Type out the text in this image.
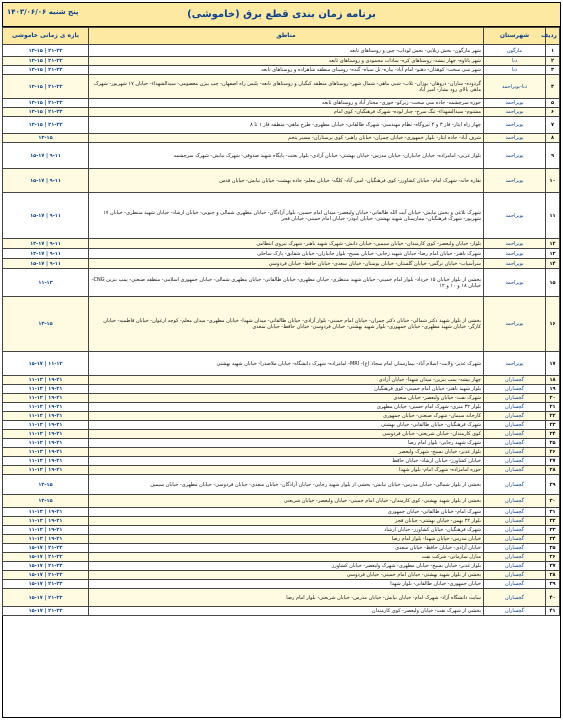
برنامه زمان بندی قطع برق (خاموشی)
پنج شنبه ۱۴۰۳/۰۶/۰۶
ردیف	شهرستان	مناطق	بازه ی زمانی خاموشی
۱	مارگون	شهر مارگون- بخش زیلایی- بخش لوداب- چین و روستاهای تابعه	۱۳-۱۵ | ۲۱-۲۳
۲	دنا	شهر پاتاوه- چهار بیشه- روستاهای کره- سادات محمودی و روستاهای تابعه	۱۳-۱۵ | ۲۱-۲۳
۳	دنا	شهر سی سخت- کوهدان- دهنو- امام آباد- بیاره- تل سیاه- گنده- روستای منطقه شاهزاده و روستاهای تابعه	۱۳-۱۵ | ۲۱-۲۳
۴	دنا-بویراحمد	گردوده- ساران- دروهان- بوژان- تلاب- شبی ماهی- شمال شهر- روستاهای منطقه کبگیان و روستاهای تابعه- پلیس راه اصفهان- چپ بیژن معصومی- سیدالشهداء- خیابان ۱۷ شهریور- شهرک ماهی بالای رود بشار- امیر آباد	۱۳-۱۵ | ۲۱-۲۳
۵	بویراحمد	حوزه سرچشمه- جاده سی سخت- زیرکو- خوزی- مختار آباد و روستاهای تابعه	۱۳-۱۵ | ۲۱-۲۳
۶	بویراحمد	مشتوم- سیدالشهداء- تنگ سرخ- چنار لوده- شهرک فرهنگیان- کوی امام	۱۳-۱۵ | ۲۱-۲۳
۷	بویراحمد	چهار راه ایثار- فاز ۳ و ۴ نیروگاه- نظام مهندسی- شهرک طالقانی- خیابان مطهری- طرح ماهی- منطقه فاز ۱ تا ۸	۱۳-۱۵ | ۲۱-۲۳
۸	بویراحمد	شرف آباد- جاده ایثار- بلوار جمهوری- خیابان چمران- خیابان راهبر- کوی پرستاران- مسیر پنجم	۱۳-۱۵
۹	بویراحمد	بلوار غربی- امامزاده- خیابان جانبازان- خیابان مدرس- خیابان بهشتی- خیابان آزادی- بلوار بعثت- پایگاه شهید صدوقی- شهرک نیایش- شهرک سرچشمه	۱۵-۱۷ | ۹-۱۱
۱۰	بویراحمد	نقاره خانه- شهرک امام- خیابان کشاورز- کوی فرهنگیان- امین آباد- کلگه- خیابان معلم- جاده بهشت- خیابان نیایش- خیابان قدس	۱۵-۱۷ | ۹-۱۱
۱۱	بویراحمد	شهرک بلاغی و بخش نیایش- خیابان آیت الله طالقانی- خیابان ولیعصر- میدان امام حسین- بلوار آزادگان- خیابان مطهری شمالی و جنوبی- خیابان ارشاد- خیابان شهید منتظری- خیابان ۱۷ شهریور- شهرک فرهنگیان- بیمارستان شهید بهشتی- خیابان ابوذر- خیابان امام خمینی- خیابان فجر	۱۵-۱۷ | ۹-۱۱
۱۲	بویراحمد	بلوار- خیابان ولیعصر- کوی کارمندان- خیابان سیمین- خیابان دانش- شهرک شهید باهنر- شهرک نیروی انتظامی	۱۳-۱۷ | ۹-۱۱
۱۳	بویراحمد	شهرک باهنر- خیابان امام رضا- خیابان شهید رجایی- خیابان بسیج- بلوار جانبازان- خیابان شقایق- پارک ساحلی	۱۳-۱۷ | ۹-۱۱
۱۴	بویراحمد	سرآسیاب- خیابان نرگس- خیابان گلستان- خیابان بوستان- خیابان سعدی- خیابان حافظ- خیابان فردوسی	۱۵-۱۷ | ۹-۱۱
۱۵	بویراحمد	بخشی از بلوار خیابان ۱۵ خرداد- بلوار امام خمینی- خیابان شهید منتظری- خیابان مطهری- خیابان طالقانی- خیابان مطهری شمالی- خیابان جمهوری اسلامی- منطقه صنعتی- پمپ بنزین CNG- خیابان ۱۸ و ۱۰ و ۱۲	۱۱-۱۳
۱۶	بویراحمد	بخشی از بلوار شهید دکتر شمالی- خیابان دکتر چمران- خیابان امام خمینی- بلوار آزادی- خیابان طالقانی- میدان شهدا- خیابان مطهری- میدان معلم- کوچه ارغوان- خیابان فاطمیه- خیابان کارگر- خیابان شهید مطهری- خیابان جمهوری- بلوار شهید بهشتی- خیابان فردوسی- خیابان حافظ- خیابان سعدی	۱۳-۱۵
۱۷	بویراحمد	شهرک غدیر- ولایت- اسلام آباد- بیمارستان امام سجاد (ع)- MRI- امامزاده- شهرک دانشگاه- خیابان ملاصدرا- خیابان شهید بهشتی	۱۵-۱۷ | ۱۱-۱۳
۱۸	گچساران	چهار بیشه- پمپ بنزین- میدان شهدا- خیابان آزادی	۱۱-۱۳ | ۱۹-۲۱
۱۹	گچساران	بلوار شهید باهنر- خیابان امام خمینی- کوی فرهنگیان	۱۱-۱۳ | ۱۹-۲۱
۲۰	گچساران	شهرک نفت- خیابان ولیعصر- خیابان سعدی	۱۱-۱۳ | ۱۹-۲۱
۲۱	گچساران	بلوار ۳۲ متری- شهرک امام حسین- خیابان مطهری	۱۱-۱۳ | ۱۹-۲۱
۲۲	گچساران	کارخانه سیمان- شهرک صنعتی- خیابان جمهوری	۱۱-۱۳ | ۱۹-۲۱
۲۳	گچساران	شهرک فرهنگیان- خیابان طالقانی- خیابان بهشتی	۱۱-۱۳ | ۱۹-۲۱
۲۴	گچساران	کوی کارمندان- خیابان شریعتی- خیابان فردوسی	۱۱-۱۳ | ۱۹-۲۱
۲۵	گچساران	شهرک شهید رجایی- بلوار امام رضا	۱۱-۱۳ | ۱۹-۲۱
۲۶	گچساران	بلوار غدیر- خیابان بسیج- شهرک ولیعصر	۱۱-۱۳ | ۱۹-۲۱
۲۷	گچساران	خیابان کشاورز- خیابان ارشاد- خیابان حافظ	۱۱-۱۳ | ۱۹-۲۱
۲۸	گچساران	حوزه امامزاده- شهرک امام- بلوار شهدا	۱۱-۱۳ | ۱۹-۲۱
۲۹	گچساران	بخشی از بلوار شمالی- خیابان مدرس- خیابان نیایش- بخشی از بلوار شهید رجایی- خیابان آزادگان- خیابان سعدی- خیابان فردوسی- خیابان مطهری- خیابان سیمین	۱۳-۱۵
۳۰	گچساران	بخشی از بلوار شهید بهشتی- کوی کارمندان- خیابان امام خمینی- خیابان ولیعصر- خیابان شریعتی	۱۳-۱۵
۳۱	گچساران	شهرک امام- خیابان طالقانی- خیابان جمهوری	۱۱-۱۳ | ۱۹-۲۱
۳۲	گچساران	بلوار ۲۲ بهمن- خیابان بهشتی- خیابان فجر	۱۱-۱۳ | ۱۹-۲۱
۳۳	گچساران	شهرک فرهنگیان- خیابان کشاورز- خیابان ارشاد	۱۱-۱۳ | ۱۹-۲۱
۳۴	گچساران	خیابان مدرس- خیابان شهدا- بلوار امام رضا	۱۱-۱۳ | ۱۹-۲۱
۳۵	گچساران	خیابان آزادی- خیابان حافظ- خیابان سعدی	۱۵-۱۷ | ۲۱-۲۳
۳۶	گچساران	منازل سازمانی- شرکت نفت	۱۵-۱۷ | ۲۱-۲۳
۳۷	گچساران	بلوار غدیر- خیابان بسیج- خیابان مطهری- شهرک ولیعصر- خیابان کشاورز	۱۵-۱۷ | ۲۱-۲۳
۳۸	گچساران	بخشی از بلوار شهید بهشتی- خیابان امام خمینی- خیابان فردوسی	۱۵-۱۷ | ۲۱-۲۳
۳۹	گچساران	خیابان جمهوری- خیابان طالقانی- بلوار شهدا	۱۵-۱۷ | ۲۱-۲۳
۴۰	گچساران	سایت دانشگاه آزاد- شهرک امام- خیابان نیایش- خیابان مدرس- خیابان شریعتی- بلوار امام رضا	۱۵-۱۷ | ۲۱-۲۳
۴۱	گچساران	بخشی از شهرک نفت- خیابان ولیعصر- کوی کارمندان	۱۵-۱۷ | ۲۱-۲۳
